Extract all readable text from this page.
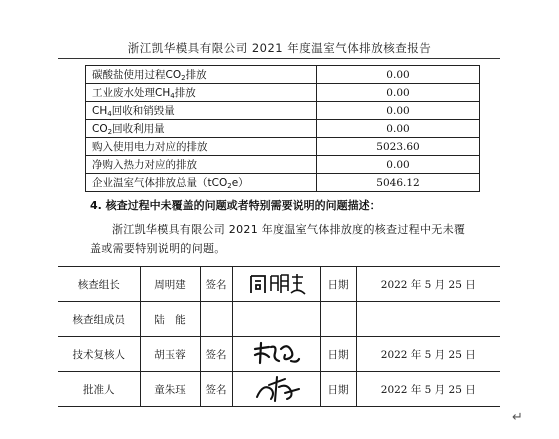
浙江凯华模具有限公司 2021 年度温室气体排放核查报告
碳酸盐使用过程$CO_2$排放	0.00
工业废水处理$CH_4$排放	0.00
$CH_4$回收和销毁量	0.00
$CO_2$回收利用量	0.00
购入使用电力对应的排放	5023.60
净购入热力对应的排放	0.00
企业温室气体排放总量（tCO$_2$e）	5046.12
4. 核查过程中未覆盖的问题或者特别需要说明的问题描述：
浙江凯华模具有限公司 2021 年度温室气体排放度的核查过程中无未覆盖或需要特别说明的问题。
核查组长	周明建	签名		日期	2022 年 5 月 25 日
核查组成员	陆　能				
技术复核人	胡玉蓉	签名		日期	2022 年 5 月 25 日
批准人	童朱珏	签名		日期	2022 年 5 月 25 日
↵
